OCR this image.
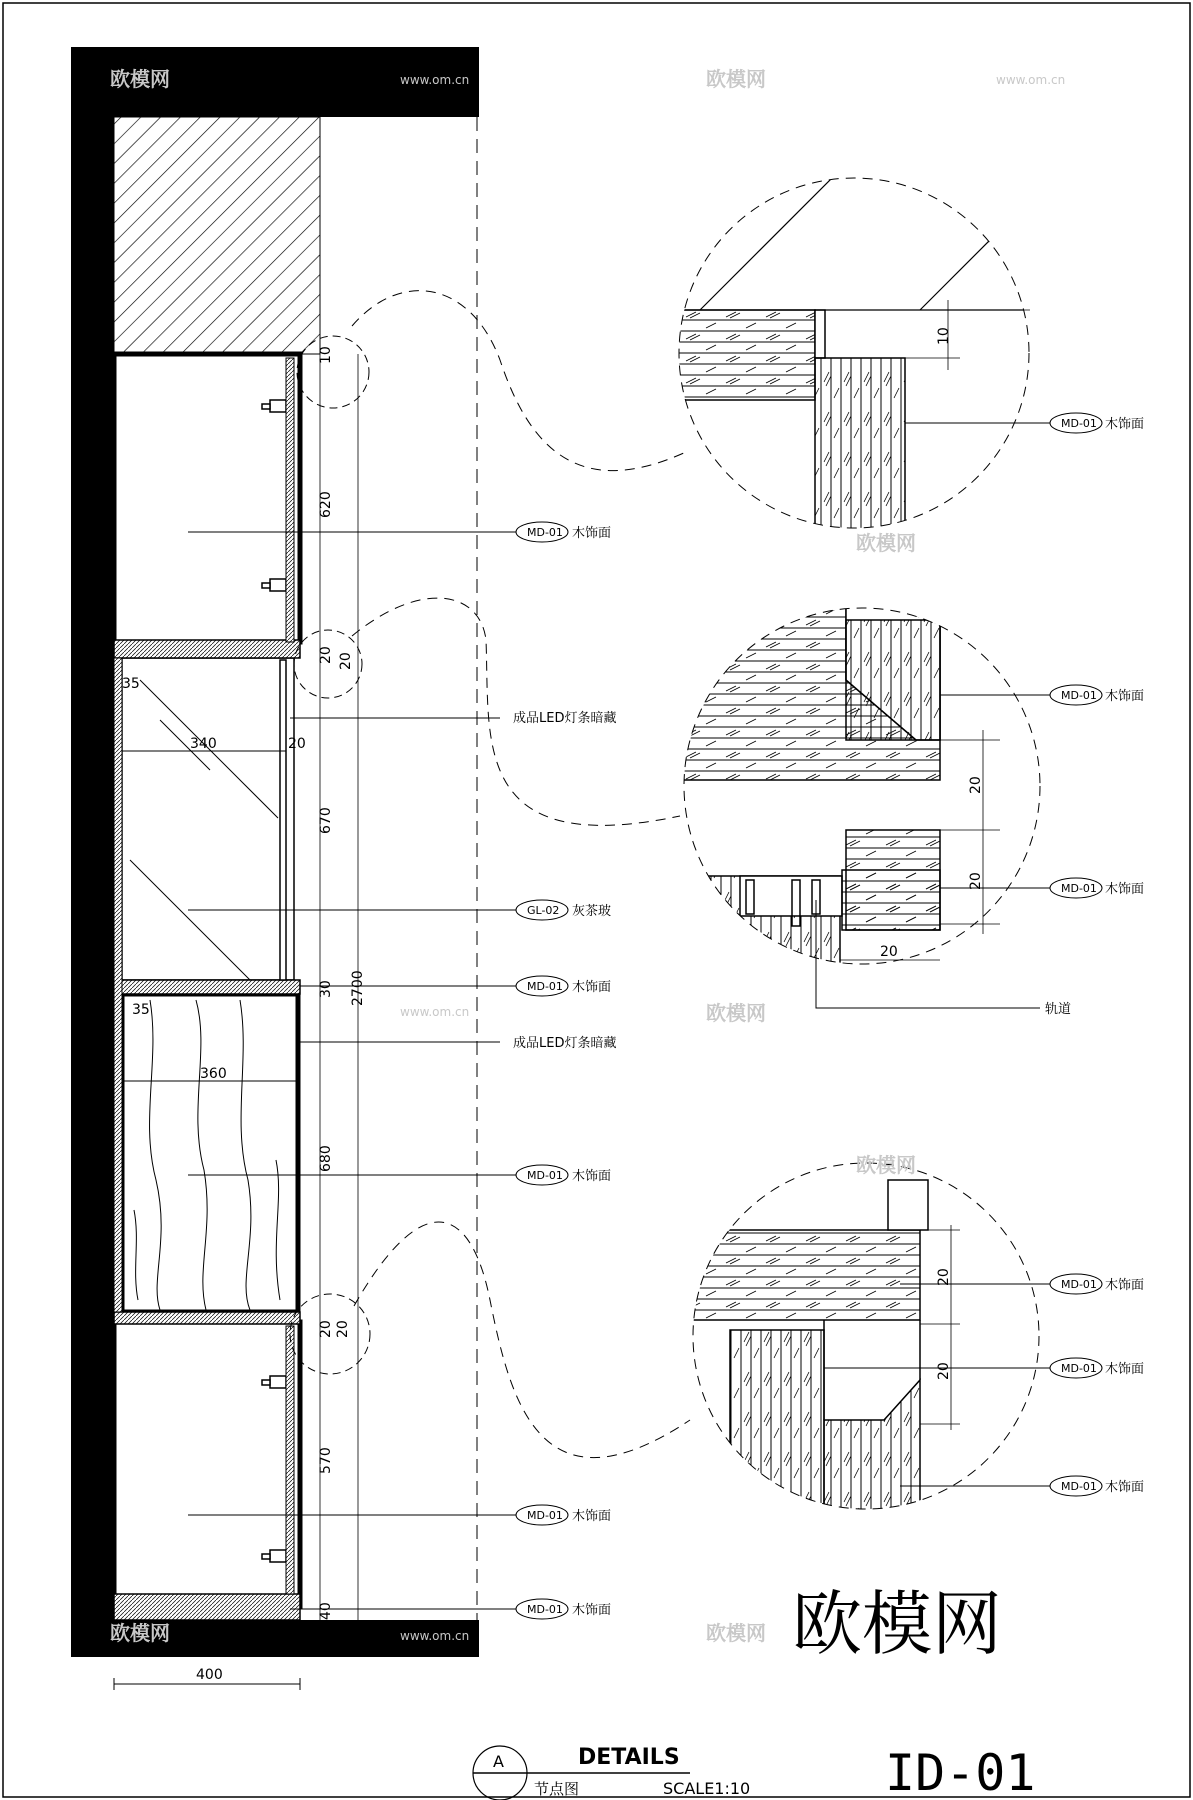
400
2700
10
620
20 20
670
30
680
20 20
570
40
35
340	20
35
360
MD-01 木饰面
成品LED灯条暗藏
GL-02 灰茶玻
MD-01 木饰面
成品LED灯条暗藏
MD-01 木饰面
MD-01 木饰面
MD-01 木饰面
10
MD-01 木饰面
20
20
20
MD-01 木饰面
MD-01 木饰面
轨道
20
20
MD-01 木饰面
MD-01 木饰面
MD-01 木饰面
欧模网	www.om.cn	欧模网	www.om.cn
欧模网	www.om.cn	欧模网
欧模网
www.om.cn
欧模网
欧模网
欧模网
A	DETAILS
节点图	SCALE1:10	ID-01
